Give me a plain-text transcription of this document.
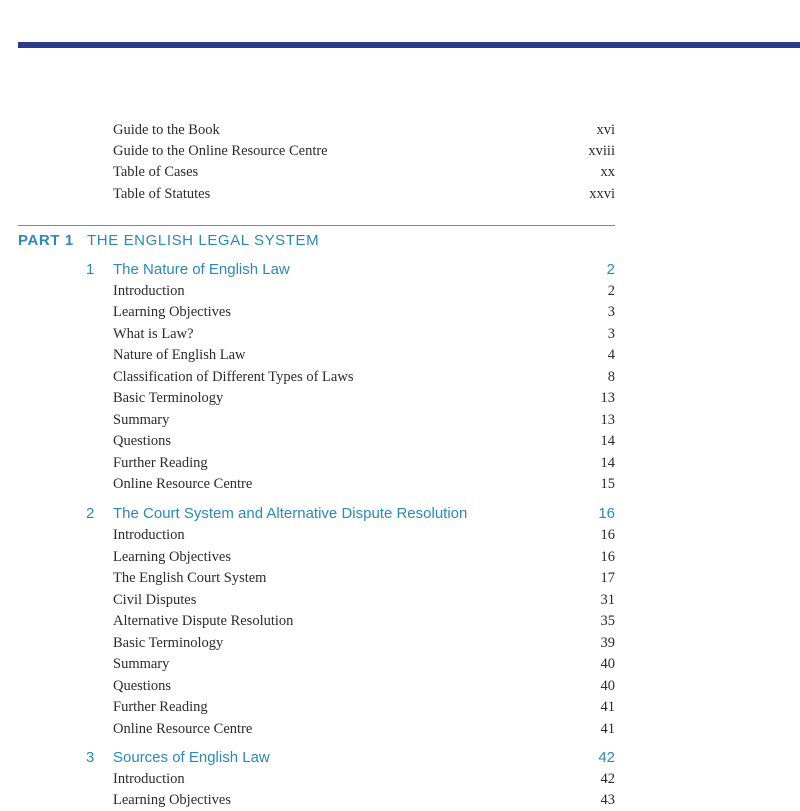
Guide to the Book	xvi
Guide to the Online Resource Centre	xviii
Table of Cases	xx
Table of Statutes	xxvi
PART 1 THE ENGLISH LEGAL SYSTEM
1 The Nature of English Law	2
Introduction	2
Learning Objectives	3
What is Law?	3
Nature of English Law	4
Classification of Different Types of Laws	8
Basic Terminology	13
Summary	13
Questions	14
Further Reading	14
Online Resource Centre	15
2 The Court System and Alternative Dispute Resolution	16
Introduction	16
Learning Objectives	16
The English Court System	17
Civil Disputes	31
Alternative Dispute Resolution	35
Basic Terminology	39
Summary	40
Questions	40
Further Reading	41
Online Resource Centre	41
3 Sources of English Law	42
Introduction	42
Learning Objectives	43
